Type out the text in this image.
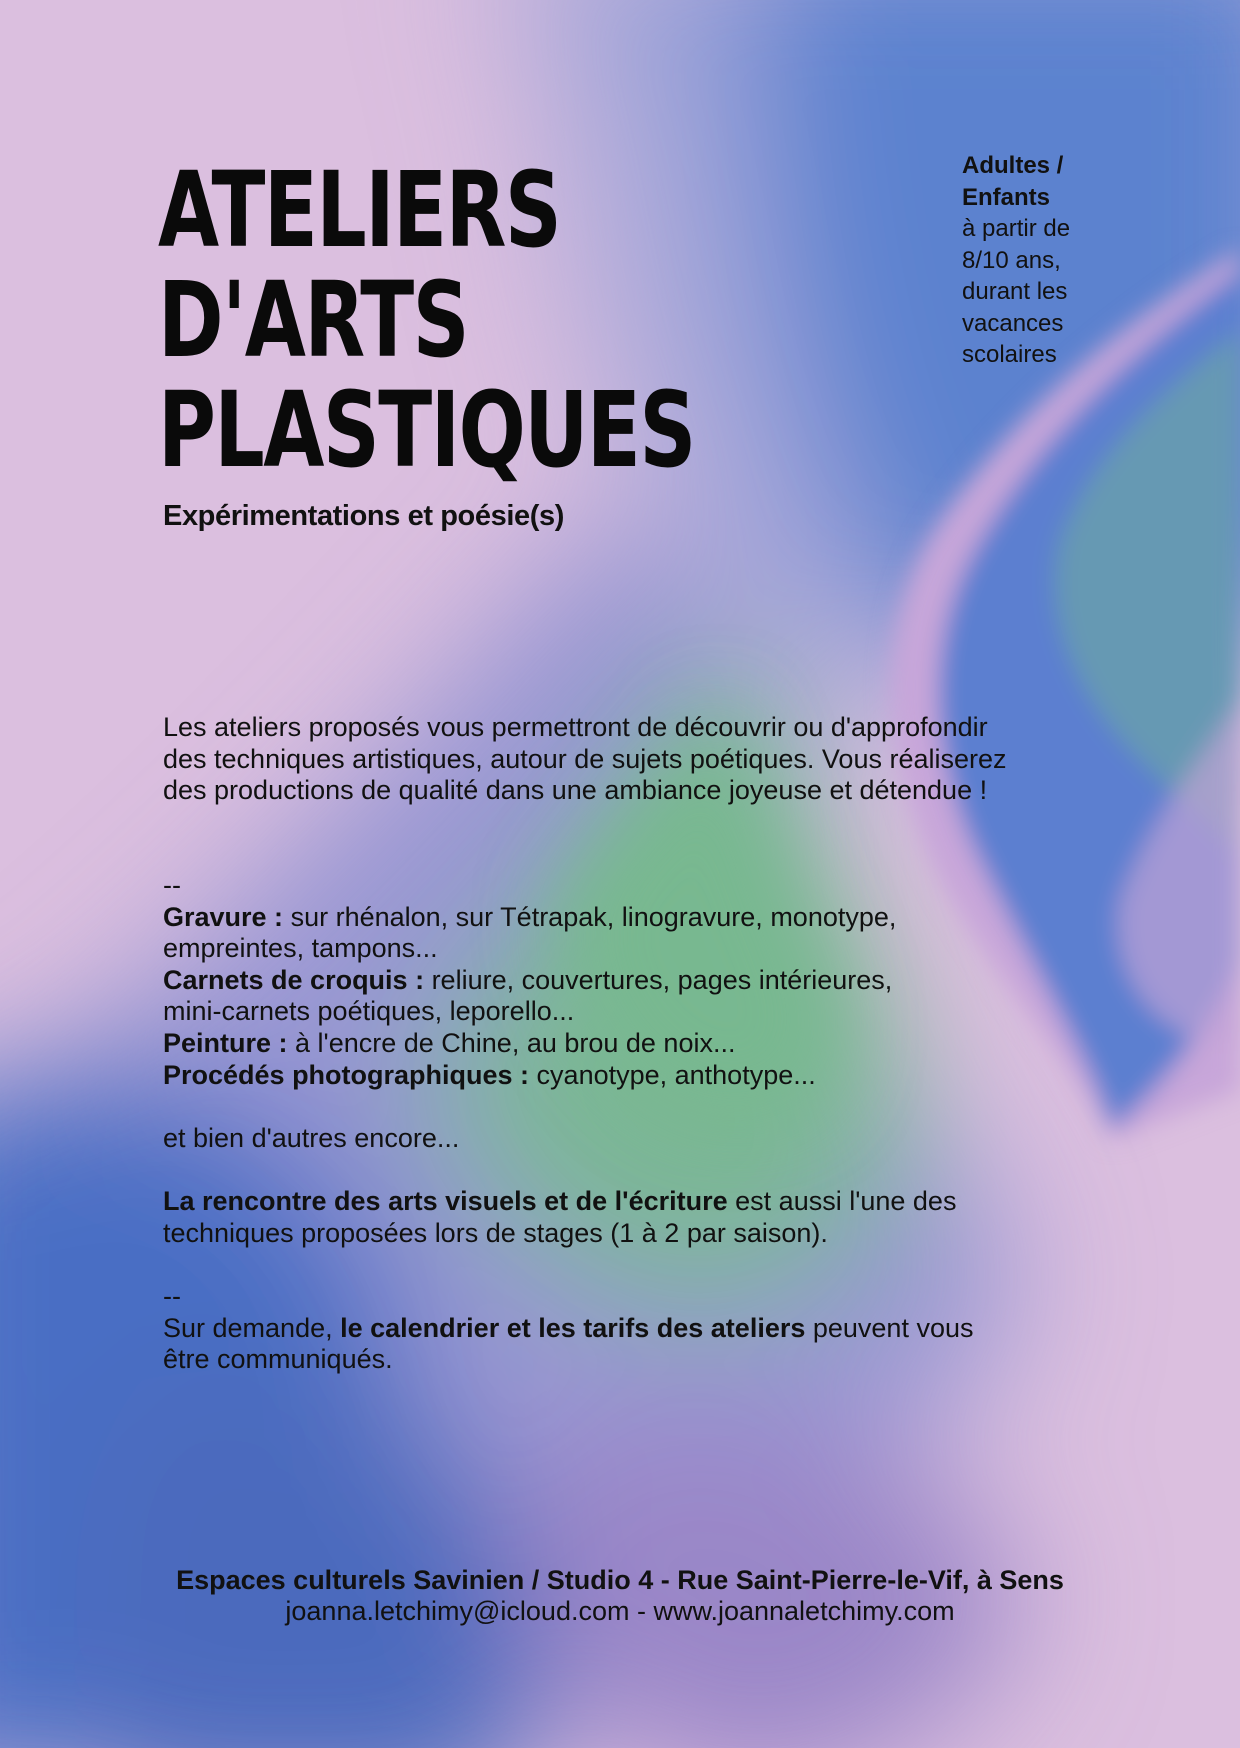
ATELIERS
D'ARTS
PLASTIQUES

Expérimentations et poésie(s)

Adultes /
Enfants
à partir de
8/10 ans,
durant les
vacances
scolaires

Les ateliers proposés vous permettront de découvrir ou d'approfondir
des techniques artistiques, autour de sujets poétiques. Vous réaliserez
des productions de qualité dans une ambiance joyeuse et détendue !

--
Gravure : sur rhénalon, sur Tétrapak, linogravure, monotype,
empreintes, tampons...
Carnets de croquis : reliure, couvertures, pages intérieures,
mini-carnets poétiques, leporello...
Peinture : à l'encre de Chine, au brou de noix...
Procédés photographiques : cyanotype, anthotype...

et bien d'autres encore...

La rencontre des arts visuels et de l'écriture est aussi l'une des
techniques proposées lors de stages (1 à 2 par saison).

--
Sur demande, le calendrier et les tarifs des ateliers peuvent vous
être communiqués.
Espaces culturels Savinien / Studio 4 - Rue Saint-Pierre-le-Vif, à Sens
joanna.letchimy@icloud.com - www.joannaletchimy.com
